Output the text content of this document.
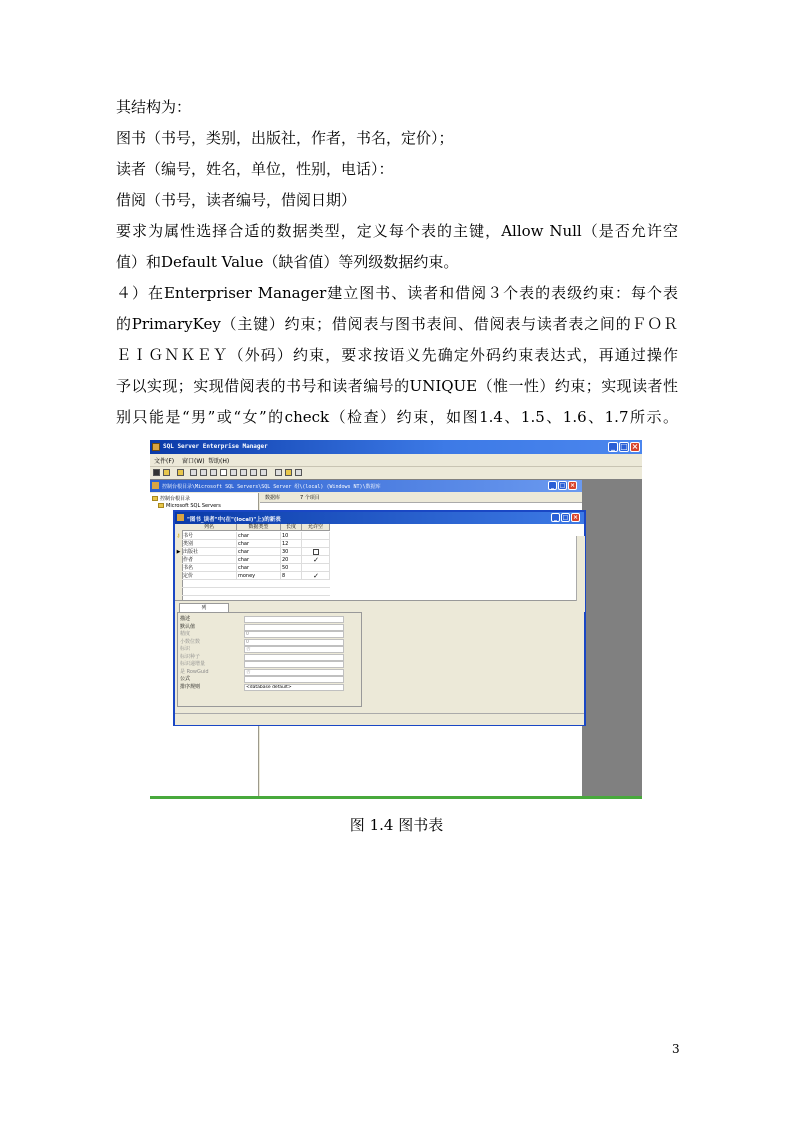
其结构为：
图书（书号，类别，出版社，作者，书名，定价）；
读者（编号，姓名，单位，性别，电话）：
借阅（书号，读者编号，借阅日期）
要求为属性选择合适的数据类型，定义每个表的主键，Allow Null（是否允许空
值）和Default Value（缺省值）等列级数据约束。
４）在Enterpriser Manager建立图书、读者和借阅３个表的表级约束：每个表
的PrimaryKey（主键）约束；借阅表与图书表间、借阅表与读者表之间的ＦＯＲ
ＥＩＧＮＫＥＹ（外码）约束，要求按语义先确定外码约束表达式，再通过操作
予以实现；实现借阅表的书号和读者编号的UNIQUE（惟一性）约束；实现读者性
别只能是“男”或“女”的check（检查）约束，如图1.4、1.5、1.6、1.7所示。
SQL Server Enterprise Manager	_ □ ×
文件(F) 窗口(W) 帮助(H)
控制台根目录\Microsoft SQL Servers\SQL Server 组\(local) (Windows NT)\数据库	_ □ ×
控制台根目录
Microsoft SQL Servers
数据库	7 个项目
"图书_读者"中(在"(local)"上)的新表	_ □ ×
列名	数据类型	长度	允许空
⚷ 书号	char	10
类别	char	12
▶ 出版社	char	30
作者	char	20	✓
书名	char	50
定价	money	8	✓
列
描述
默认值
精度	0
小数位数	0
标识	否
标识种子
标识递增量
是 RowGuid	否
公式
排序规则	<database default>
图 1.4 图书表
3
